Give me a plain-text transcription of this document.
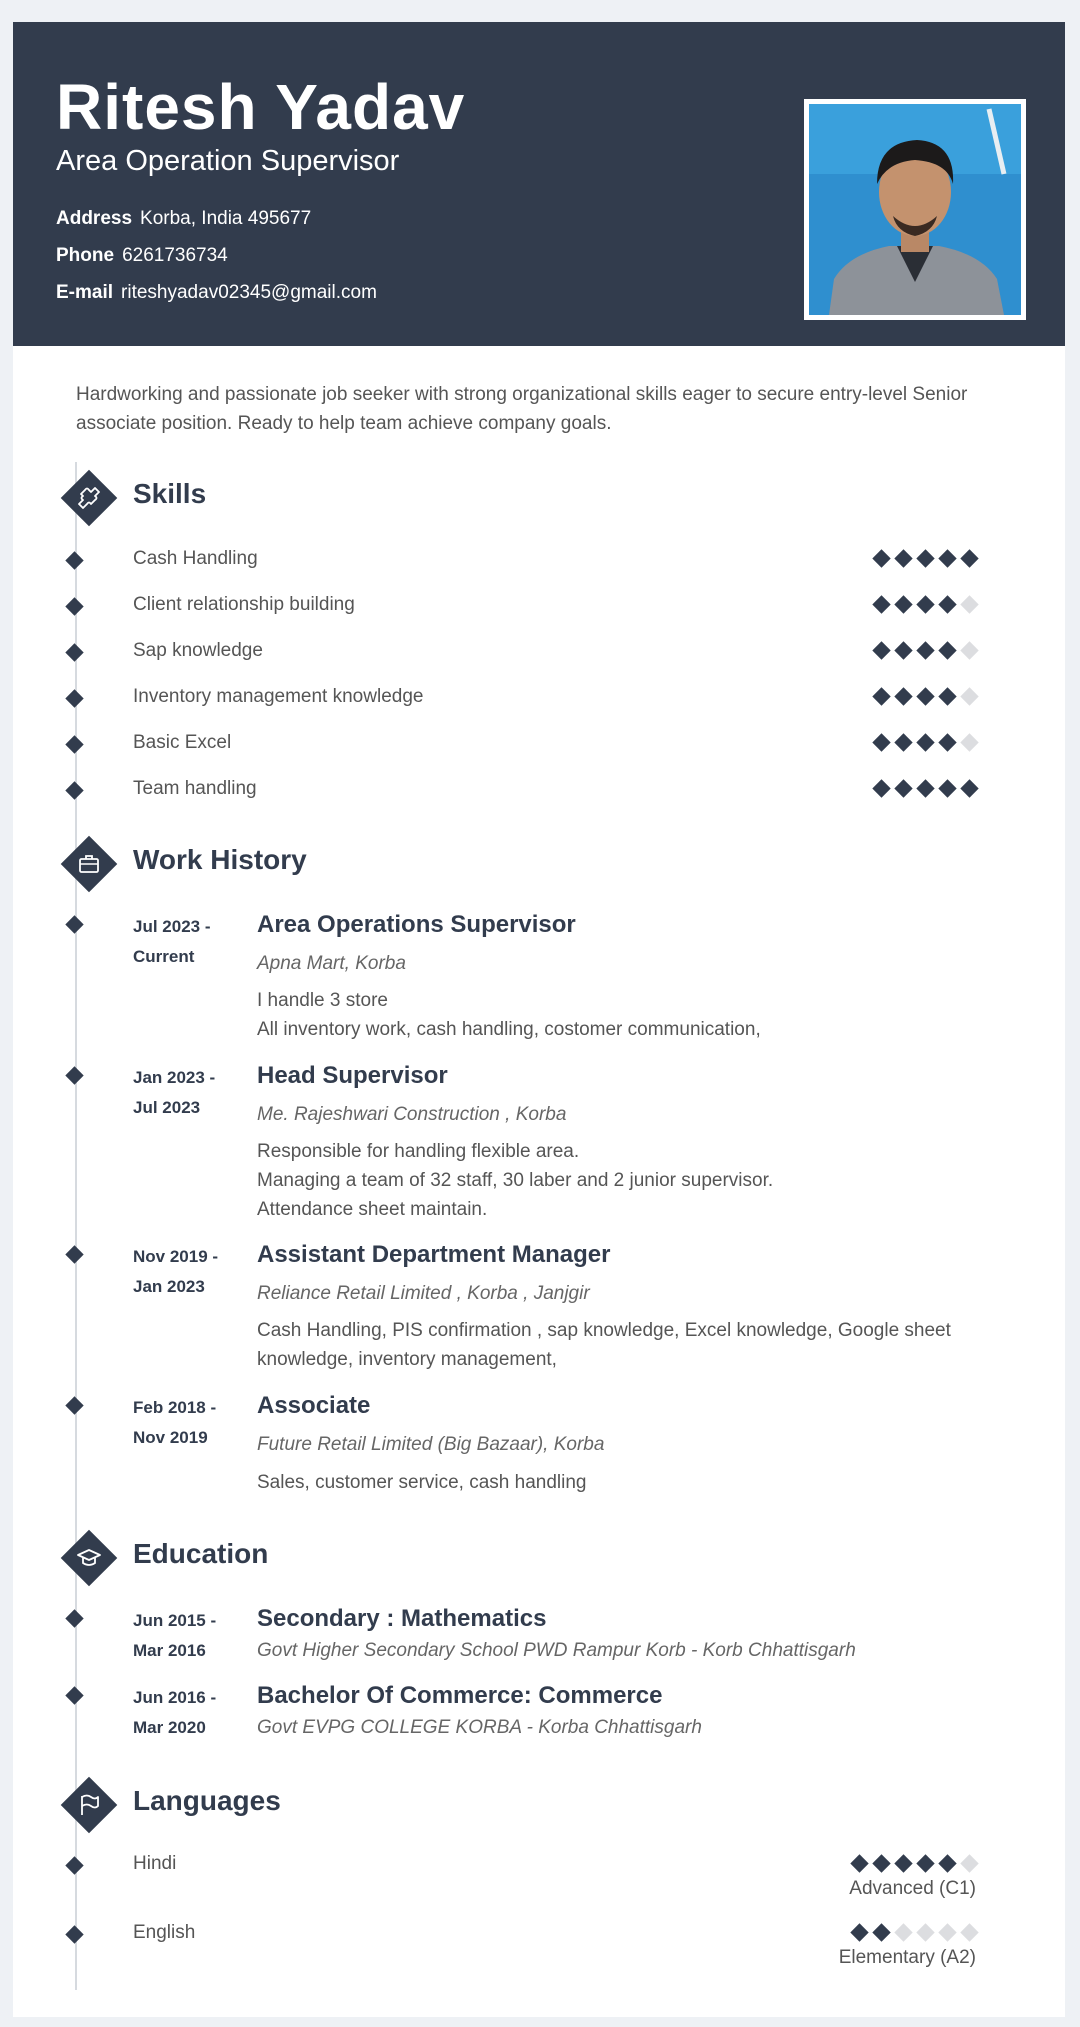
Ritesh Yadav
Area Operation Supervisor
Address Korba, India 495677
Phone 6261736734
E-mail riteshyadav02345@gmail.com
Hardworking and passionate job seeker with strong organizational skills eager to secure entry-level Senior associate position. Ready to help team achieve company goals.
Skills
Cash Handling
Client relationship building
Sap knowledge
Inventory management knowledge
Basic Excel
Team handling
Work History
Jul 2023 -
Current
Area Operations Supervisor
Apna Mart, Korba
I handle 3 store
All inventory work, cash handling, costomer communication,
Jan 2023 -
Jul 2023
Head Supervisor
Me. Rajeshwari Construction , Korba
Responsible for handling flexible area.
Managing a team of 32 staff, 30 laber and 2 junior supervisor.
Attendance sheet maintain.
Nov 2019 -
Jan 2023
Assistant Department Manager
Reliance Retail Limited , Korba , Janjgir
Cash Handling, PIS confirmation , sap knowledge, Excel knowledge, Google sheet knowledge, inventory management,
Feb 2018 -
Nov 2019
Associate
Future Retail Limited (Big Bazaar), Korba
Sales, customer service, cash handling
Education
Jun 2015 -
Mar 2016
Secondary : Mathematics
Govt Higher Secondary School PWD Rampur Korb - Korb Chhattisgarh
Jun 2016 -
Mar 2020
Bachelor Of Commerce: Commerce
Govt EVPG COLLEGE KORBA - Korba Chhattisgarh
Languages
Hindi
Advanced (C1)
English
Elementary (A2)
